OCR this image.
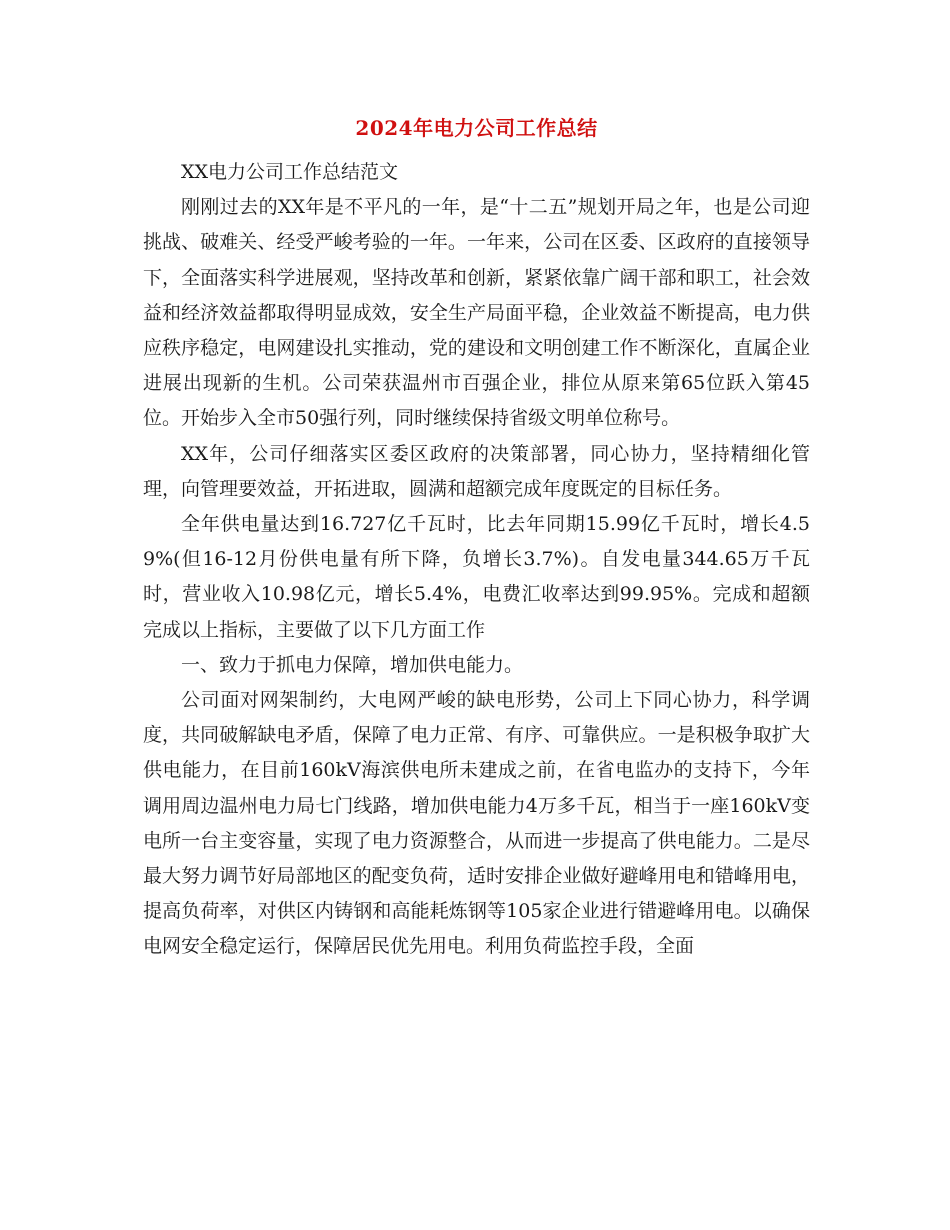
2024年电力公司工作总结

XX电力公司工作总结范文

刚刚过去的XX年是不平凡的一年，是“十二五”规划开局之年，也是公司迎挑战、破难关、经受严峻考验的一年。一年来，公司在区委、区政府的直接领导下，全面落实科学进展观，坚持改革和创新，紧紧依靠广阔干部和职工，社会效益和经济效益都取得明显成效，安全生产局面平稳，企业效益不断提高，电力供应秩序稳定，电网建设扎实推动，党的建设和文明创建工作不断深化，直属企业进展出现新的生机。公司荣获温州市百强企业，排位从原来第65位跃入第45位。开始步入全市50强行列，同时继续保持省级文明单位称号。

XX年，公司仔细落实区委区政府的决策部署，同心协力，坚持精细化管理，向管理要效益，开拓进取，圆满和超额完成年度既定的目标任务。

全年供电量达到16.727亿千瓦时，比去年同期15.99亿千瓦时，增长4.59%(但16-12月份供电量有所下降，负增长3.7%)。自发电量344.65万千瓦时，营业收入10.98亿元，增长5.4%，电费汇收率达到99.95%。完成和超额完成以上指标，主要做了以下几方面工作

一、致力于抓电力保障，增加供电能力。

公司面对网架制约，大电网严峻的缺电形势，公司上下同心协力，科学调度，共同破解缺电矛盾，保障了电力正常、有序、可靠供应。一是积极争取扩大供电能力，在目前160kV海滨供电所未建成之前，在省电监办的支持下，今年调用周边温州电力局七门线路，增加供电能力4万多千瓦，相当于一座160kV变电所一台主变容量，实现了电力资源整合，从而进一步提高了供电能力。二是尽最大努力调节好局部地区的配变负荷，适时安排企业做好避峰用电和错峰用电，提高负荷率，对供区内铸钢和高能耗炼钢等105家企业进行错避峰用电。以确保电网安全稳定运行，保障居民优先用电。利用负荷监控手段，全面
